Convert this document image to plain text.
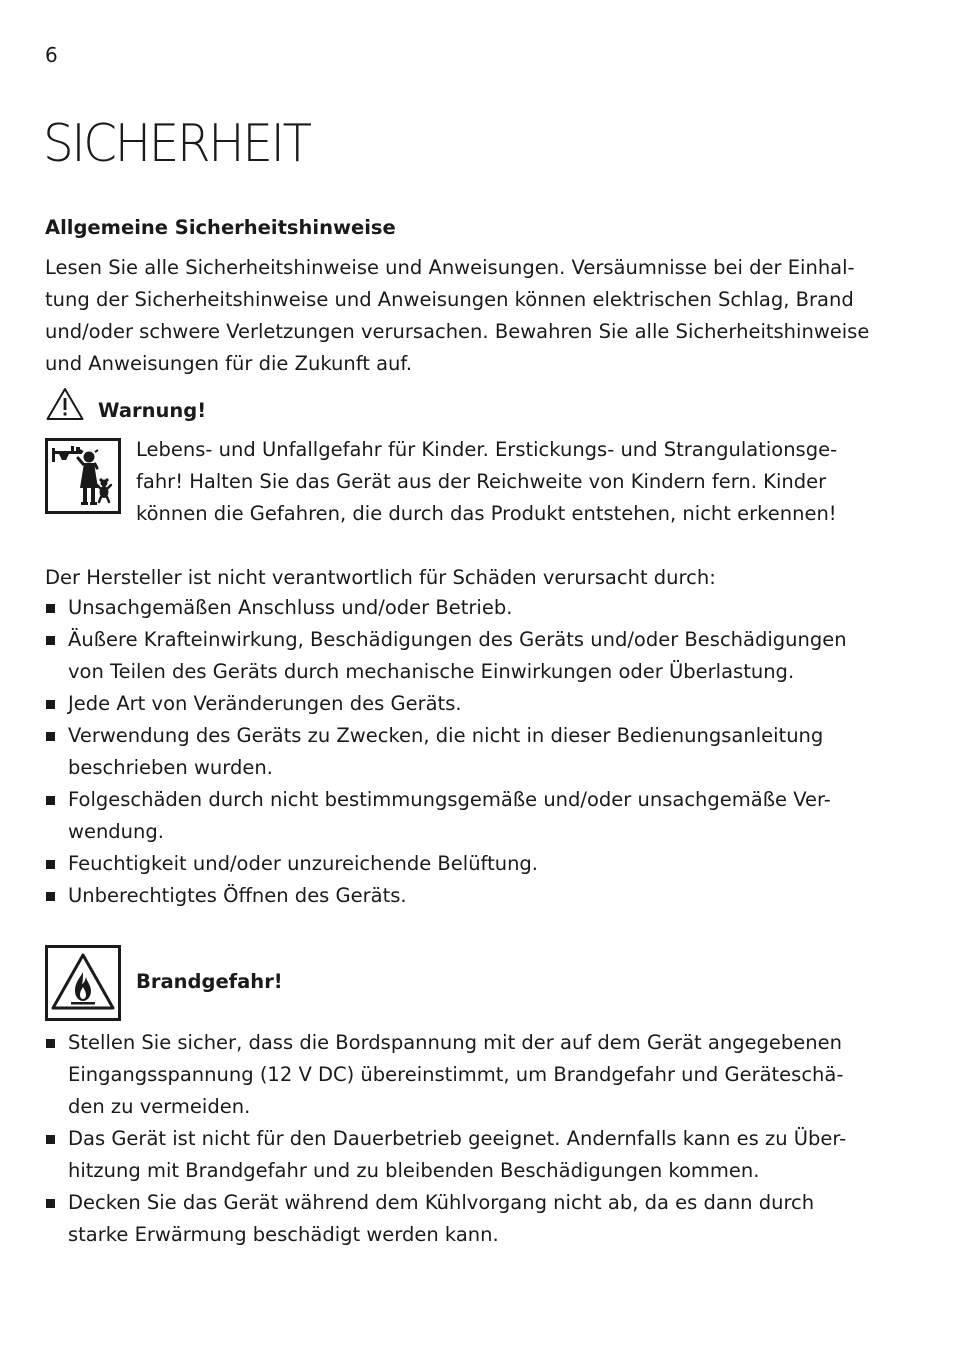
6
SICHERHEIT
Allgemeine Sicherheitshinweise
Lesen Sie alle Sicherheitshinweise und Anweisungen. Versäumnisse bei der Einhal-
tung der Sicherheitshinweise und Anweisungen können elektrischen Schlag, Brand
und/oder schwere Verletzungen verursachen. Bewahren Sie alle Sicherheitshinweise
und Anweisungen für die Zukunft auf.
Warnung!
Lebens- und Unfallgefahr für Kinder. Erstickungs- und Strangulationsge-
fahr! Halten Sie das Gerät aus der Reichweite von Kindern fern. Kinder
können die Gefahren, die durch das Produkt entstehen, nicht erkennen!
Der Hersteller ist nicht verantwortlich für Schäden verursacht durch:
Unsachgemäßen Anschluss und/oder Betrieb.
Äußere Krafteinwirkung, Beschädigungen des Geräts und/oder Beschädigungen
von Teilen des Geräts durch mechanische Einwirkungen oder Überlastung.
Jede Art von Veränderungen des Geräts.
Verwendung des Geräts zu Zwecken, die nicht in dieser Bedienungsanleitung
beschrieben wurden.
Folgeschäden durch nicht bestimmungsgemäße und/oder unsachgemäße Ver-
wendung.
Feuchtigkeit und/oder unzureichende Belüftung.
Unberechtigtes Öffnen des Geräts.
Brandgefahr!
Stellen Sie sicher, dass die Bordspannung mit der auf dem Gerät angegebenen
Eingangsspannung (12 V DC) übereinstimmt, um Brandgefahr und Geräteschä-
den zu vermeiden.
Das Gerät ist nicht für den Dauerbetrieb geeignet. Andernfalls kann es zu Über-
hitzung mit Brandgefahr und zu bleibenden Beschädigungen kommen.
Decken Sie das Gerät während dem Kühlvorgang nicht ab, da es dann durch
starke Erwärmung beschädigt werden kann.
